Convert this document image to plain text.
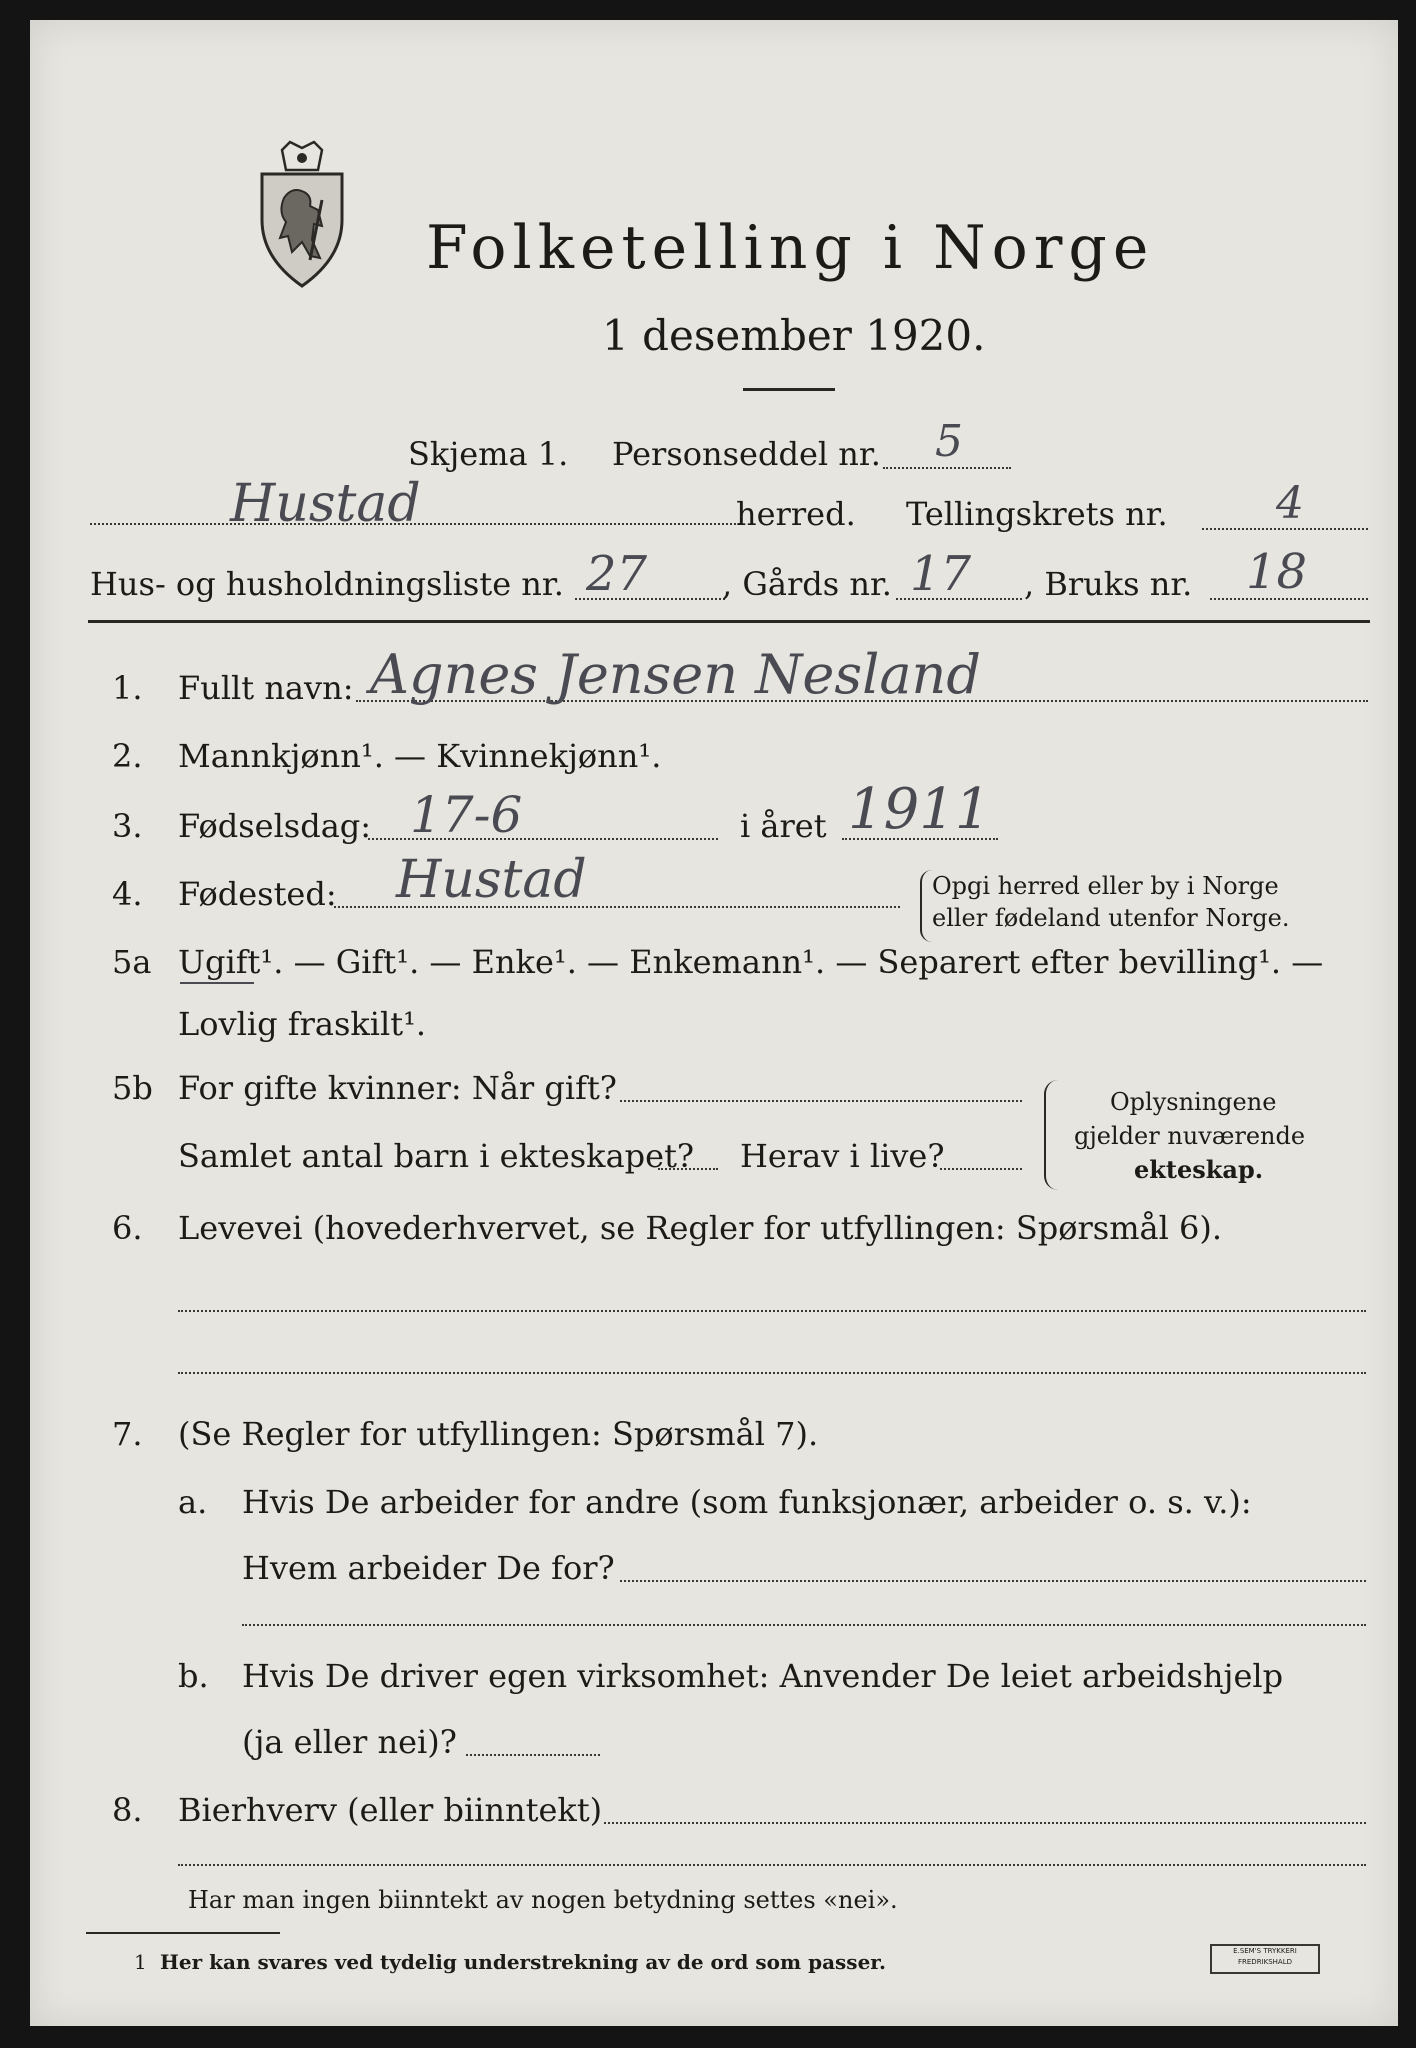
Folketelling i Norge
1 desember 1920.
Skjema 1. Personseddel nr. 5
Hustad	herred. Tellingskrets nr. 4
Hus- og husholdningsliste nr. 27 , Gårds nr. 17 , Bruks nr. 18
1. Fullt navn: Agnes Jensen Nesland
2. Mannkjønn¹. — Kvinnekjønn¹.
3. Fødselsdag: 17-6	i året 1911
4. Fødested: Hustad	Opgi herred eller by i Norge
eller fødeland utenfor Norge.
5a Ugift¹. — Gift¹. — Enke¹. — Enkemann¹. — Separert efter bevilling¹. —
Lovlig fraskilt¹.
5b For gifte kvinner: Når gift?
Samlet antal barn i ekteskapet? Herav i live?
Oplysningene
gjelder nuværende
ekteskap.
6. Levevei (hovederhvervet, se Regler for utfyllingen: Spørsmål 6).
7. (Se Regler for utfyllingen: Spørsmål 7).
a. Hvis De arbeider for andre (som funksjonær, arbeider o. s. v.):
Hvem arbeider De for?
b. Hvis De driver egen virksomhet: Anvender De leiet arbeidshjelp
(ja eller nei)?
8. Bierhverv (eller biinntekt)
Har man ingen biinntekt av nogen betydning settes «nei».
1 Her kan svares ved tydelig understrekning av de ord som passer.	E.SEM'S TRYKKERI
FREDRIKSHALD
